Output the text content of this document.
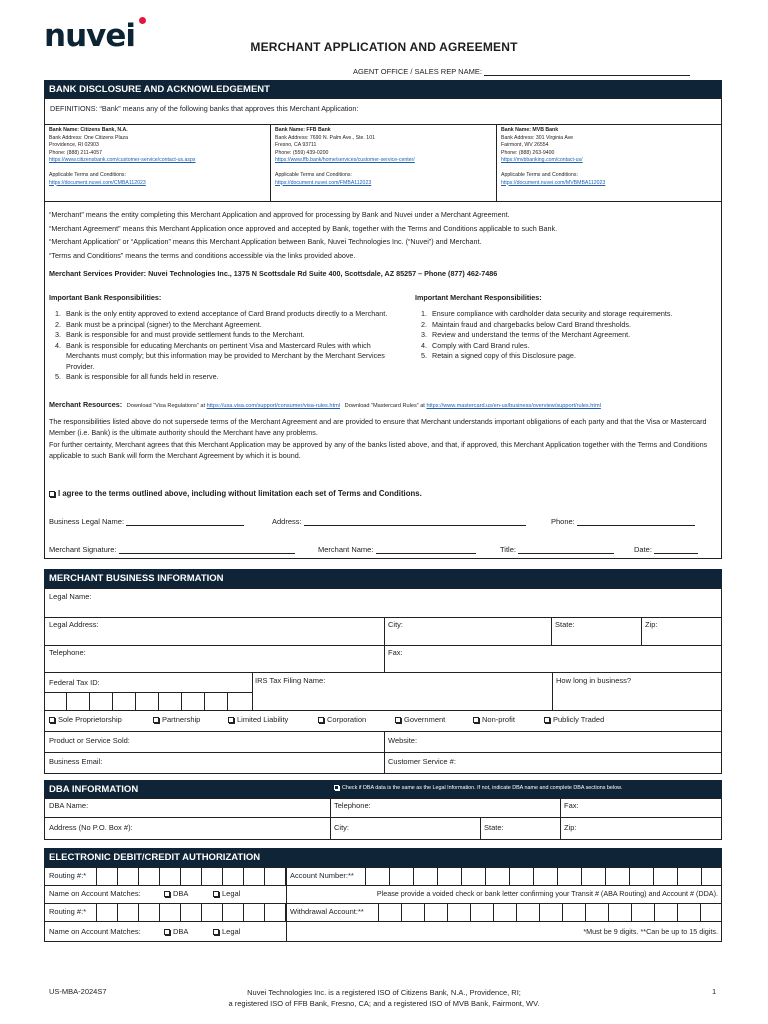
nuvei	MERCHANT APPLICATION AND AGREEMENT
AGENT OFFICE / SALES REP NAME:
BANK DISCLOSURE AND ACKNOWLEDGEMENT
DEFINITIONS: “Bank” means any of the following banks that approves this Merchant Application:
Bank Name: Citizens Bank, N.A.
Bank Address: One Citizens Plaza
Providence, RI 02903
Phone: (888) 211-4057
https://www.citizensbank.com/customer-service/contact-us.aspx
Applicable Terms and Conditions:
https://document.nuvei.com/CMBA112023
Bank Name: FFB Bank
Bank Address: 7690 N. Palm Ave., Ste. 101
Fresno, CA 93711
Phone: (559) 439-0200
https://www.ffb.bank/home/services/customer-service-center/
Applicable Terms and Conditions:
https://document.nuvei.com/FMBA112023
Bank Name: MVB Bank
Bank Address: 301 Virginia Ave
Fairmont, WV 26554
Phone: (888) 263-9400
https://mvbbanking.com/contact-us/
Applicable Terms and Conditions:
https://document.nuvei.com/MVBMBA112023
“Merchant” means the entity completing this Merchant Application and approved for processing by Bank and Nuvei under a Merchant Agreement.
“Merchant Agreement” means this Merchant Application once approved and accepted by Bank, together with the Terms and Conditions applicable to such Bank.
“Merchant Application” or “Application” means this Merchant Application between Bank, Nuvei Technologies Inc. (“Nuvei”) and Merchant.
“Terms and Conditions” means the terms and conditions accessible via the links provided above.
Merchant Services Provider: Nuvei Technologies Inc., 1375 N Scottsdale Rd Suite 400, Scottsdale, AZ 85257 – Phone (877) 462-7486
Important Bank Responsibilities:
1. Bank is the only entity approved to extend acceptance of Card Brand products directly to a Merchant.
2. Bank must be a principal (signer) to the Merchant Agreement.
3. Bank is responsible for and must provide settlement funds to the Merchant.
4. Bank is responsible for educating Merchants on pertinent Visa and Mastercard Rules with which Merchants must comply; but this information may be provided to Merchant by the Merchant Services Provider.
5. Bank is responsible for all funds held in reserve.
Important Merchant Responsibilities:
1. Ensure compliance with cardholder data security and storage requirements.
2. Maintain fraud and chargebacks below Card Brand thresholds.
3. Review and understand the terms of the Merchant Agreement.
4. Comply with Card Brand rules.
5. Retain a signed copy of this Disclosure page.
Merchant Resources: Download “Visa Regulations” at https://usa.visa.com/support/consumer/visa-rules.html Download “Mastercard Rules” at https://www.mastercard.us/en-us/business/overview/support/rules.html
The responsibilities listed above do not supersede terms of the Merchant Agreement and are provided to ensure that Merchant understands important obligations of each party and that the Visa or Mastercard Member (i.e. Bank) is the ultimate authority should the Merchant have any problems.
For further certainty, Merchant agrees that this Merchant Application may be approved by any of the banks listed above, and that, if approved, this Merchant Application together with the Terms and Conditions applicable to such Bank will form the Merchant Agreement by which it is bound.
I agree to the terms outlined above, including without limitation each set of Terms and Conditions.
Business Legal Name:	Address:	Phone:
Merchant Signature:	Merchant Name:	Title:	Date:
MERCHANT BUSINESS INFORMATION
Legal Name:
Legal Address:	City:	State:	Zip:
Telephone:	Fax:
Federal Tax ID:	IRS Tax Filing Name:	How long in business?
Sole Proprietorship	Partnership	Limited Liability	Corporation	Government	Non-profit	Publicly Traded
Product or Service Sold:	Website:
Business Email:	Customer Service #:
DBA INFORMATION	Check if DBA data is the same as the Legal Information. If not, indicate DBA name and complete DBA sections below.
DBA Name:	Telephone:	Fax:
Address (No P.O. Box #):	City:	State:	Zip:
ELECTRONIC DEBIT/CREDIT AUTHORIZATION
Routing #:*	Account Number:**
Name on Account Matches:	DBA	Legal	Please provide a voided check or bank letter confirming your Transit # (ABA Routing) and Account # (DDA).
Routing #:*	Withdrawal Account:**
Name on Account Matches:	DBA	Legal	*Must be 9 digits. **Can be up to 15 digits.
US-MBA-2024S7	Nuvei Technologies Inc. is a registered ISO of Citizens Bank, N.A., Providence, RI;
a registered ISO of FFB Bank, Fresno, CA; and a registered ISO of MVB Bank, Fairmont, WV.
1
